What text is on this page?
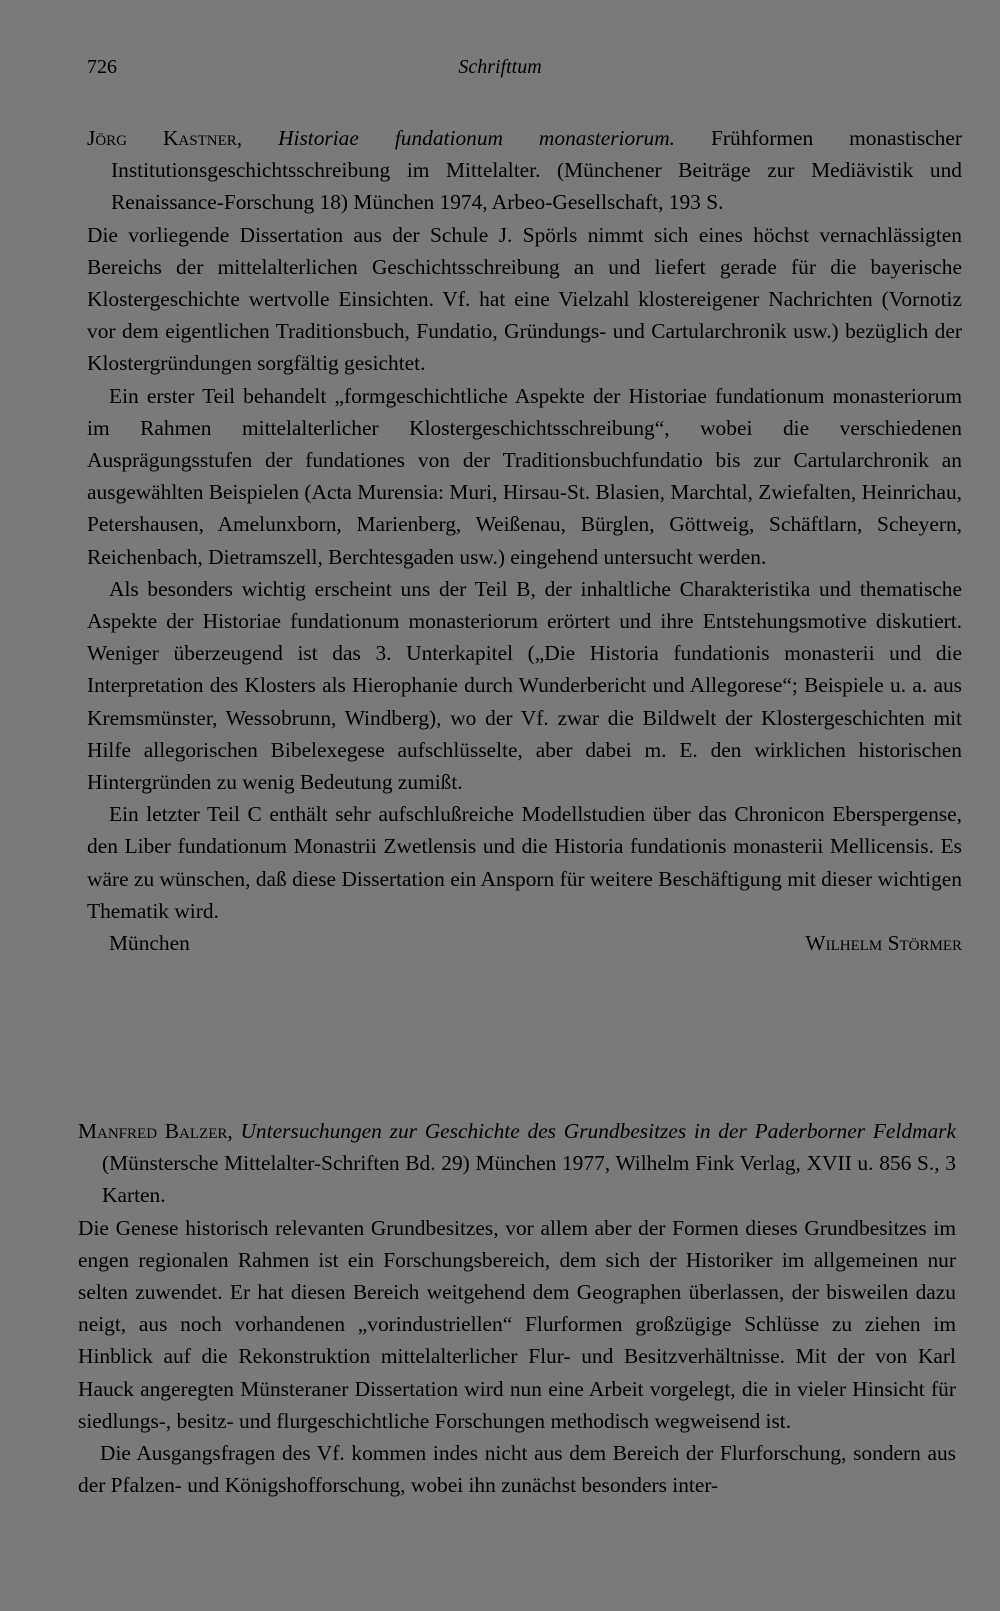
726	Schrifttum

Jörg Kastner, Historiae fundationum monasteriorum. Frühformen monastischer Institutionsgeschichtsschreibung im Mittelalter. (Münchener Beiträge zur Mediävistik und Renaissance-Forschung 18) München 1974, Arbeo-Gesellschaft, 193 S.

Die vorliegende Dissertation aus der Schule J. Spörls nimmt sich eines höchst vernachlässigten Bereichs der mittelalterlichen Geschichtsschreibung an und liefert gerade für die bayerische Klostergeschichte wertvolle Einsichten. Vf. hat eine Vielzahl klostereigener Nachrichten (Vornotiz vor dem eigentlichen Traditionsbuch, Fundatio, Gründungs- und Cartularchronik usw.) bezüglich der Klostergründungen sorgfältig gesichtet.

Ein erster Teil behandelt „formgeschichtliche Aspekte der Historiae fundationum monasteriorum im Rahmen mittelalterlicher Klostergeschichtsschreibung“, wobei die verschiedenen Ausprägungsstufen der fundationes von der Traditionsbuchfundatio bis zur Cartularchronik an ausgewählten Beispielen (Acta Murensia: Muri, Hirsau-St. Blasien, Marchtal, Zwiefalten, Heinrichau, Petershausen, Amelunxborn, Marienberg, Weißenau, Bürglen, Göttweig, Schäftlarn, Scheyern, Reichenbach, Dietramszell, Berchtesgaden usw.) eingehend untersucht werden.

Als besonders wichtig erscheint uns der Teil B, der inhaltliche Charakteristika und thematische Aspekte der Historiae fundationum monasteriorum erörtert und ihre Entstehungsmotive diskutiert. Weniger überzeugend ist das 3. Unterkapitel („Die Historia fundationis monasterii und die Interpretation des Klosters als Hierophanie durch Wunderbericht und Allegorese“; Beispiele u. a. aus Kremsmünster, Wessobrunn, Windberg), wo der Vf. zwar die Bildwelt der Klostergeschichten mit Hilfe allegorischen Bibelexegese aufschlüsselte, aber dabei m. E. den wirklichen historischen Hintergründen zu wenig Bedeutung zumißt.

Ein letzter Teil C enthält sehr aufschlußreiche Modellstudien über das Chronicon Eberspergense, den Liber fundationum Monastrii Zwetlensis und die Historia fundationis monasterii Mellicensis. Es wäre zu wünschen, daß diese Dissertation ein Ansporn für weitere Beschäftigung mit dieser wichtigen Thematik wird.

München	Wilhelm Störmer

Manfred Balzer, Untersuchungen zur Geschichte des Grundbesitzes in der Paderborner Feldmark (Münstersche Mittelalter-Schriften Bd. 29) München 1977, Wilhelm Fink Verlag, XVII u. 856 S., 3 Karten.

Die Genese historisch relevanten Grundbesitzes, vor allem aber der Formen dieses Grundbesitzes im engen regionalen Rahmen ist ein Forschungsbereich, dem sich der Historiker im allgemeinen nur selten zuwendet. Er hat diesen Bereich weitgehend dem Geographen überlassen, der bisweilen dazu neigt, aus noch vorhandenen „vorindustriellen“ Flurformen großzügige Schlüsse zu ziehen im Hinblick auf die Rekonstruktion mittelalterlicher Flur- und Besitzverhältnisse. Mit der von Karl Hauck angeregten Münsteraner Dissertation wird nun eine Arbeit vorgelegt, die in vieler Hinsicht für siedlungs-, besitz- und flurgeschichtliche Forschungen methodisch wegweisend ist.

Die Ausgangsfragen des Vf. kommen indes nicht aus dem Bereich der Flurforschung, sondern aus der Pfalzen- und Königshofforschung, wobei ihn zunächst besonders inter-
